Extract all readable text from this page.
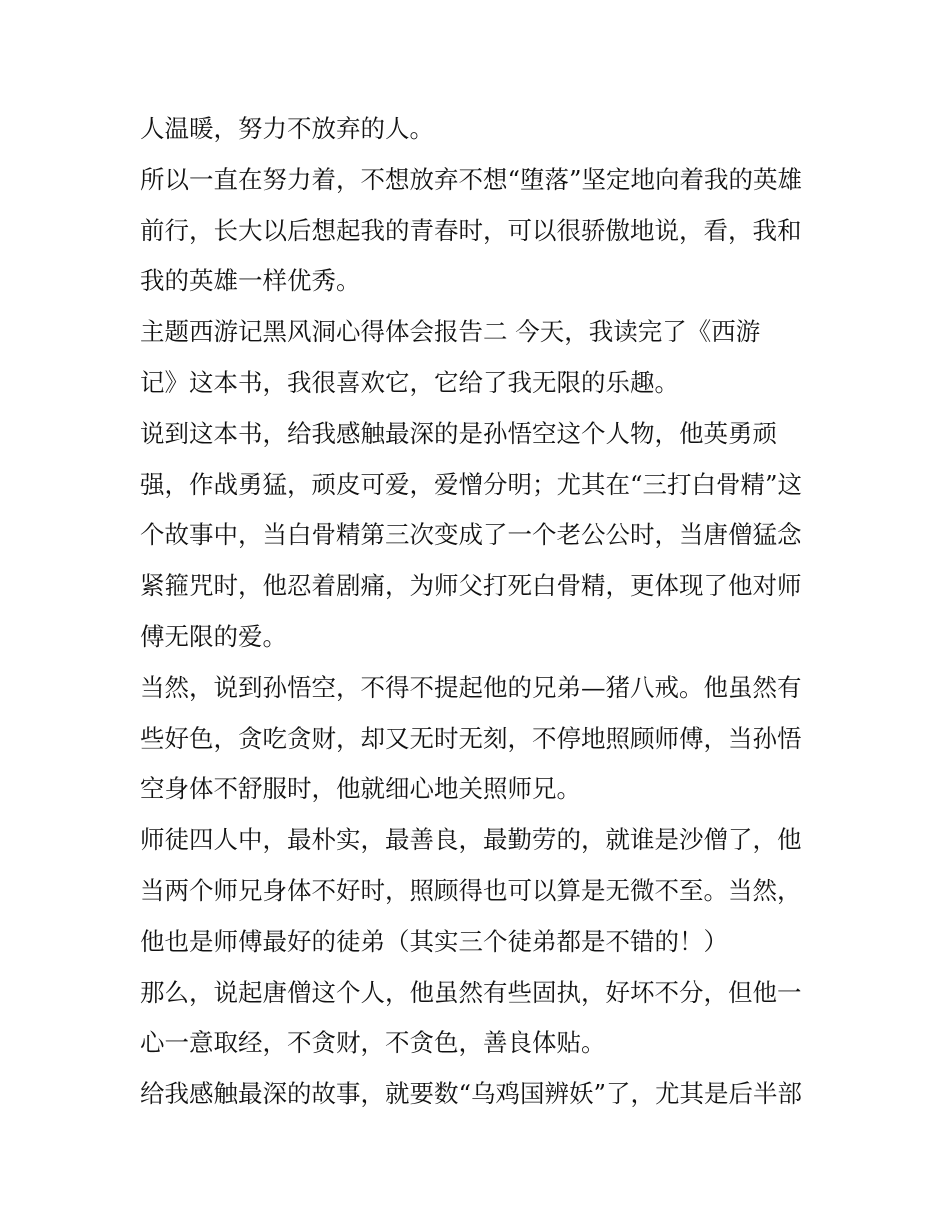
人温暖，努力不放弃的人。
所以一直在努力着，不想放弃不想“堕落”坚定地向着我的英雄
前行，长大以后想起我的青春时，可以很骄傲地说，看，我和
我的英雄一样优秀。
主题西游记黑风洞心得体会报告二 今天，我读完了《西游
记》这本书，我很喜欢它，它给了我无限的乐趣。
说到这本书，给我感触最深的是孙悟空这个人物，他英勇顽
强，作战勇猛，顽皮可爱，爱憎分明；尤其在“三打白骨精”这
个故事中，当白骨精第三次变成了一个老公公时，当唐僧猛念
紧箍咒时，他忍着剧痛，为师父打死白骨精，更体现了他对师
傅无限的爱。
当然，说到孙悟空，不得不提起他的兄弟—猪八戒。他虽然有
些好色，贪吃贪财，却又无时无刻，不停地照顾师傅，当孙悟
空身体不舒服时，他就细心地关照师兄。
师徒四人中，最朴实，最善良，最勤劳的，就谁是沙僧了，他
当两个师兄身体不好时，照顾得也可以算是无微不至。当然，
他也是师傅最好的徒弟（其实三个徒弟都是不错的！）
那么，说起唐僧这个人，他虽然有些固执，好坏不分，但他一
心一意取经，不贪财，不贪色，善良体贴。
给我感触最深的故事，就要数“乌鸡国辨妖”了，尤其是后半部
